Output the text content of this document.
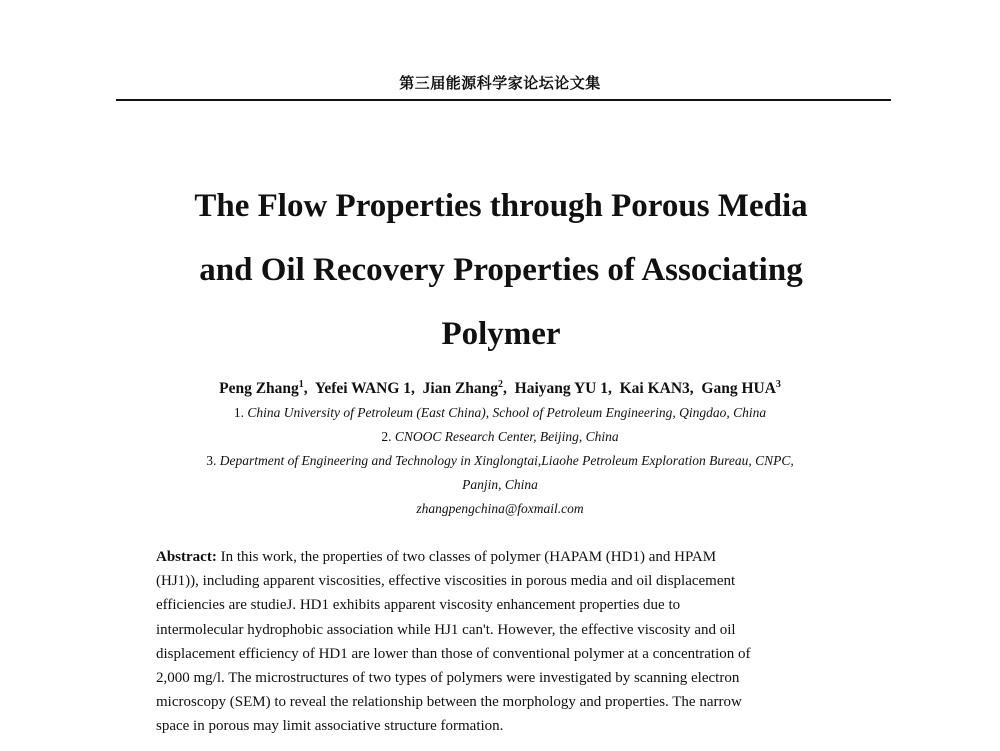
第三届能源科学家论坛论文集
The Flow Properties through Porous Media
and Oil Recovery Properties of Associating
Polymer
Peng Zhang$^1$,  Yefei WANG 1,  Jian Zhang$^2$,  Haiyang YU 1,  Kai KAN3,  Gang HUA$^3$
1. China University of Petroleum (East China), School of Petroleum Engineering, Qingdao, China
2. CNOOC Research Center, Beijing, China
3. Department of Engineering and Technology in Xinglongtai,Liaohe Petroleum Exploration Bureau, CNPC,
Panjin, China
zhangpengchina@foxmail.com
Abstract: In this work, the properties of two classes of polymer (HAPAM (HD1) and HPAM
(HJ1)), including apparent viscosities, effective viscosities in porous media and oil displacement
efficiencies are studieJ. HD1 exhibits apparent viscosity enhancement properties due to
intermolecular hydrophobic association while HJ1 can't. However, the effective viscosity and oil
displacement efficiency of HD1 are lower than those of conventional polymer at a concentration of
2,000 mg/l. The microstructures of two types of polymers were investigated by scanning electron
microscopy (SEM) to reveal the relationship between the morphology and properties. The narrow
space in porous may limit associative structure formation.
